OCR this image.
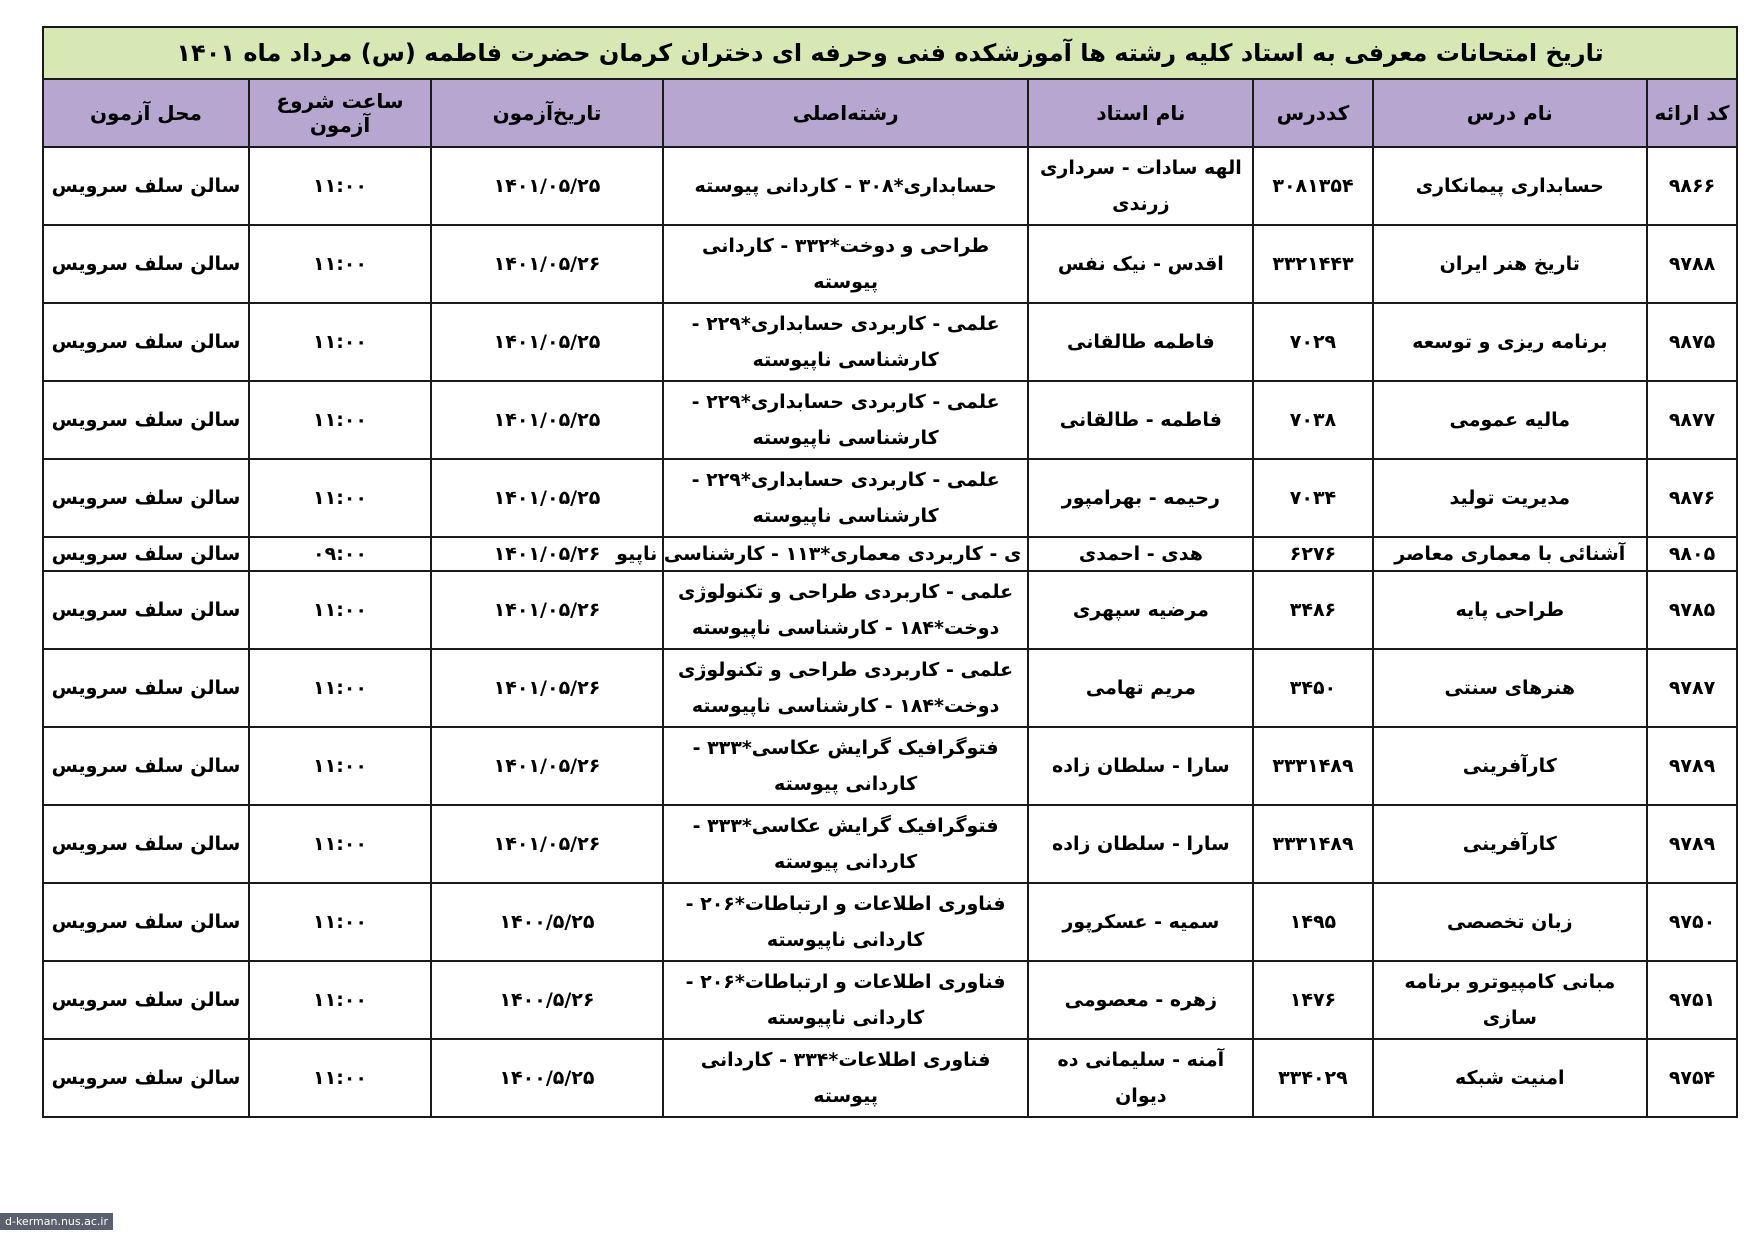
تاریخ امتحانات معرفی به استاد کلیه رشته ها آموزشکده فنی وحرفه ای دختران کرمان حضرت فاطمه (س) مرداد ماه ۱۴۰۱
کد ارائه	نام درس	کددرس	نام استاد	رشته‌اصلی	تاریخ‌آزمون	ساعت شروع آزمون	محل آزمون
۹۸۶۶	حسابداری پیمانکاری	۳۰۸۱۳۵۴	الهه سادات - سرداری زرندی	حسابداری*۳۰۸ - کاردانی پیوسته	۱۴۰۱/۰۵/۲۵	۱۱:۰۰	سالن سلف سرویس
۹۷۸۸	تاریخ هنر ایران	۳۳۲۱۴۴۳	اقدس - نیک نفس	طراحی و دوخت*۳۳۲ - کاردانی پیوسته	۱۴۰۱/۰۵/۲۶	۱۱:۰۰	سالن سلف سرویس
۹۸۷۵	برنامه ریزی و توسعه	۷۰۲۹	فاطمه طالقانی	علمی - کاربردی حسابداری*۲۲۹ - کارشناسی ناپیوسته	۱۴۰۱/۰۵/۲۵	۱۱:۰۰	سالن سلف سرویس
۹۸۷۷	مالیه عمومی	۷۰۳۸	فاطمه - طالقانی	علمی - کاربردی حسابداری*۲۲۹ - کارشناسی ناپیوسته	۱۴۰۱/۰۵/۲۵	۱۱:۰۰	سالن سلف سرویس
۹۸۷۶	مدیریت تولید	۷۰۳۴	رحیمه - بهرامپور	علمی - کاربردی حسابداری*۲۲۹ - کارشناسی ناپیوسته	۱۴۰۱/۰۵/۲۵	۱۱:۰۰	سالن سلف سرویس
۹۸۰۵	آشنائی با معماری معاصر	۶۲۷۶	هدی - احمدی	ی - کاربردی معماری*۱۱۳ - کارشناسی ناپیو	۱۴۰۱/۰۵/۲۶	۰۹:۰۰	سالن سلف سرویس
۹۷۸۵	طراحی پایه	۳۴۸۶	مرضیه سپهری	علمی - کاربردی طراحی و تکنولوژی دوخت*۱۸۴ - کارشناسی ناپیوسته	۱۴۰۱/۰۵/۲۶	۱۱:۰۰	سالن سلف سرویس
۹۷۸۷	هنرهای سنتی	۳۴۵۰	مریم تهامی	علمی - کاربردی طراحی و تکنولوژی دوخت*۱۸۴ - کارشناسی ناپیوسته	۱۴۰۱/۰۵/۲۶	۱۱:۰۰	سالن سلف سرویس
۹۷۸۹	کارآفرینی	۳۳۳۱۴۸۹	سارا - سلطان زاده	فتوگرافیک گرایش عکاسی*۳۳۳ - کاردانی پیوسته	۱۴۰۱/۰۵/۲۶	۱۱:۰۰	سالن سلف سرویس
۹۷۸۹	کارآفرینی	۳۳۳۱۴۸۹	سارا - سلطان زاده	فتوگرافیک گرایش عکاسی*۳۳۳ - کاردانی پیوسته	۱۴۰۱/۰۵/۲۶	۱۱:۰۰	سالن سلف سرویس
۹۷۵۰	زبان تخصصی	۱۴۹۵	سمیه - عسکرپور	فناوری اطلاعات و ارتباطات*۲۰۶ - کاردانی ناپیوسته	۱۴۰۰/۵/۲۵	۱۱:۰۰	سالن سلف سرویس
۹۷۵۱	مبانی کامپیوترو برنامه سازی	۱۴۷۶	زهره - معصومی	فناوری اطلاعات و ارتباطات*۲۰۶ - کاردانی ناپیوسته	۱۴۰۰/۵/۲۶	۱۱:۰۰	سالن سلف سرویس
۹۷۵۴	امنیت شبکه	۳۳۴۰۲۹	آمنه - سلیمانی ده دیوان	فناوری اطلاعات*۳۳۴ - کاردانی پیوسته	۱۴۰۰/۵/۲۵	۱۱:۰۰	سالن سلف سرویس
d-kerman.nus.ac.ir
